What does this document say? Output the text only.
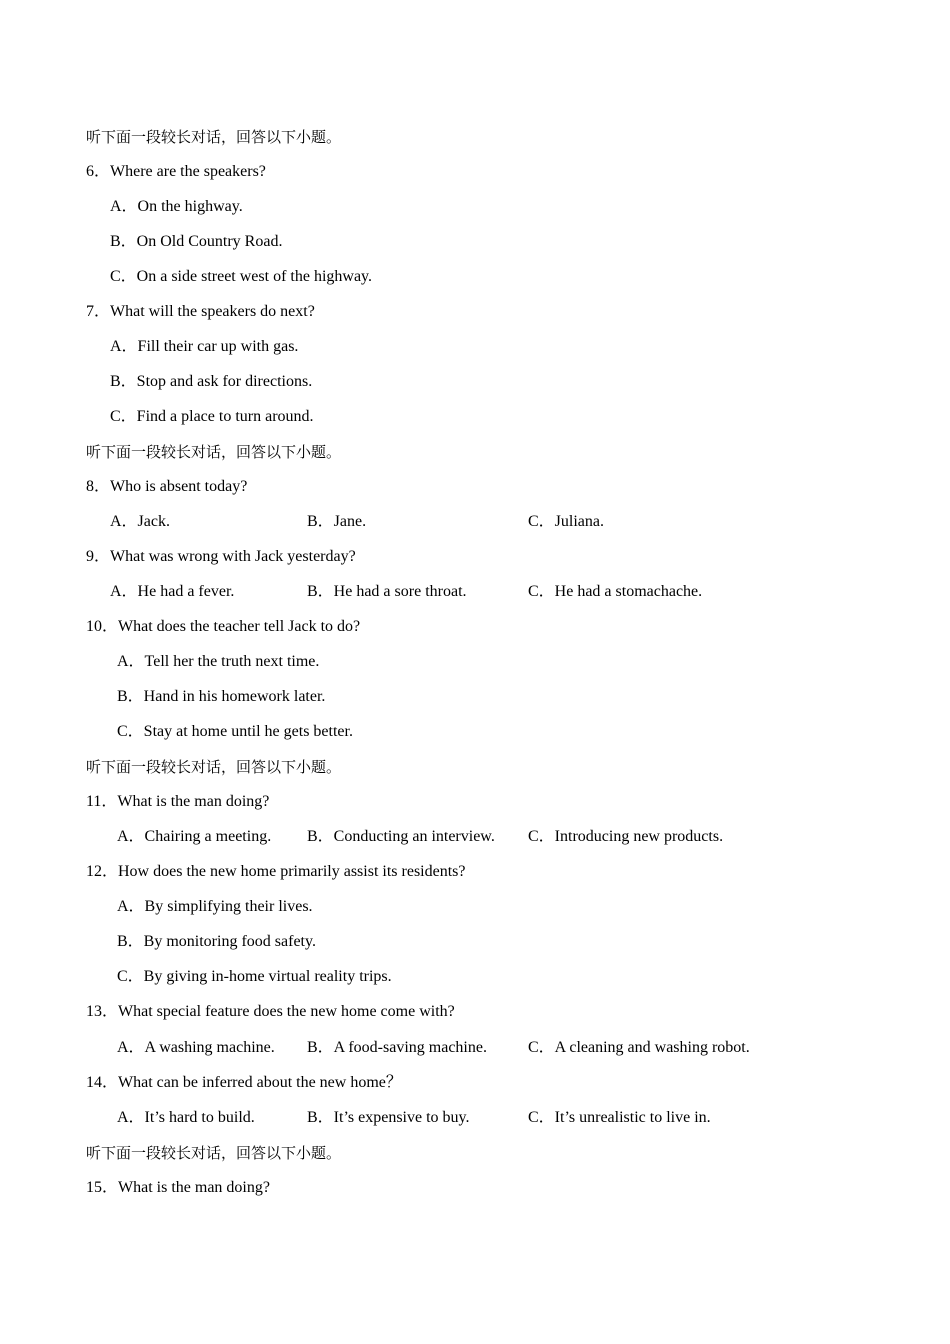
听下面一段较长对话，回答以下小题。
6．Where are the speakers?
A．On the highway.
B．On Old Country Road.
C．On a side street west of the highway.
7．What will the speakers do next?
A．Fill their car up with gas.
B．Stop and ask for directions.
C．Find a place to turn around.
听下面一段较长对话，回答以下小题。
8．Who is absent today?
A．Jack.	B．Jane.	C．Juliana.
9．What was wrong with Jack yesterday?
A．He had a fever.	B．He had a sore throat.	C．He had a stomachache.
10．What does the teacher tell Jack to do?
A．Tell her the truth next time.
B．Hand in his homework later.
C．Stay at home until he gets better.
听下面一段较长对话，回答以下小题。
11．What is the man doing?
A．Chairing a meeting. B．Conducting an interview. C．Introducing new products.
12．How does the new home primarily assist its residents?
A．By simplifying their lives.
B．By monitoring food safety.
C．By giving in-home virtual reality trips.
13．What special feature does the new home come with?
A．A washing machine. B．A food-saving machine.	C．A cleaning and washing robot.
14．What can be inferred about the new home？
A．It’s hard to build.	B．It’s expensive to buy.	C．It’s unrealistic to live in.
听下面一段较长对话，回答以下小题。
15．What is the man doing?
